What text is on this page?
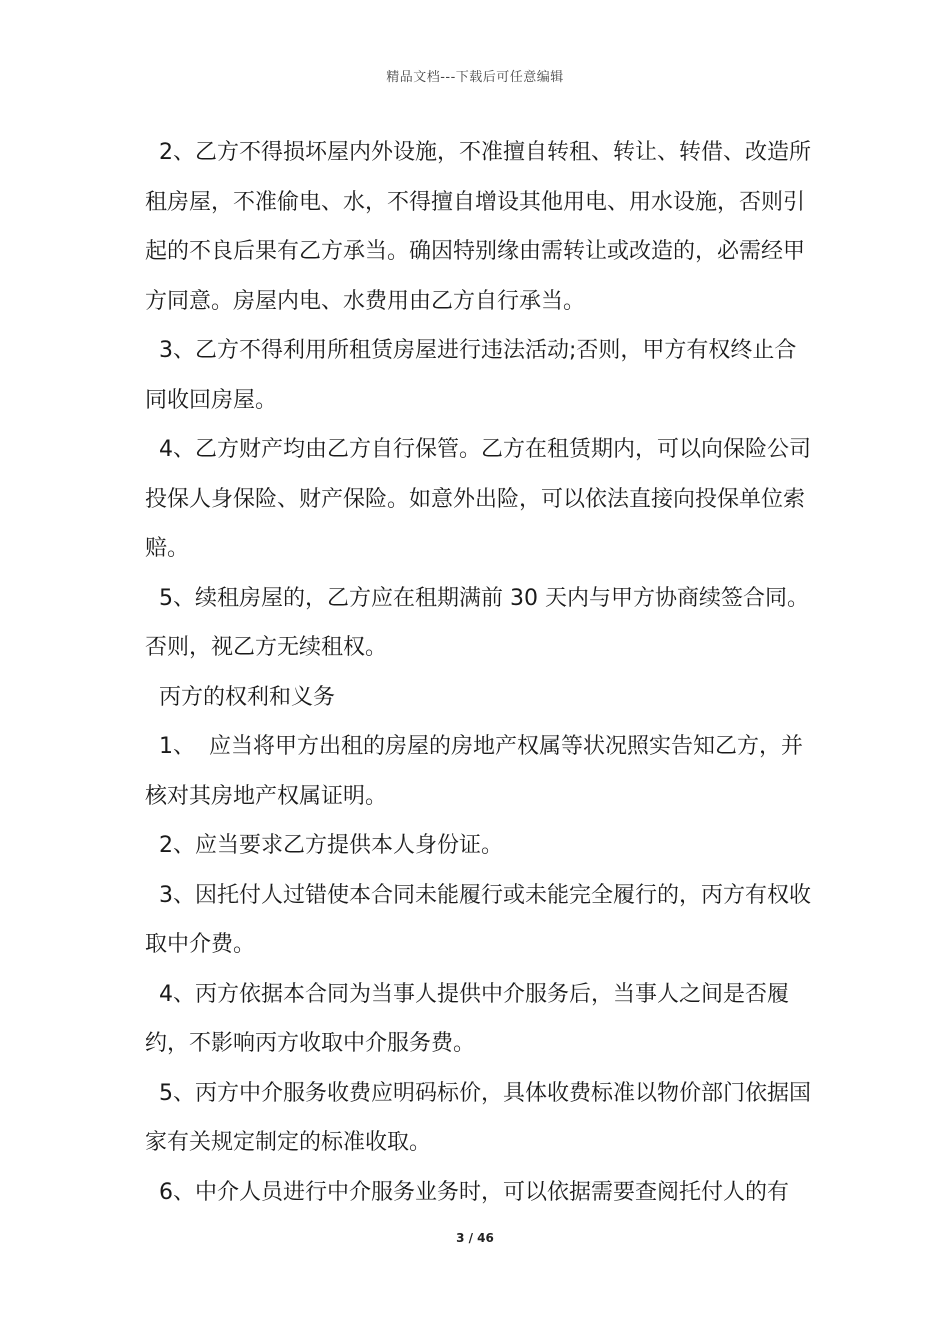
精品文档---下载后可任意编辑

2、乙方不得损坏屋内外设施，不准擅自转租、转让、转借、改造所租房屋，不准偷电、水，不得擅自增设其他用电、用水设施，否则引起的不良后果有乙方承当。确因特别缘由需转让或改造的，必需经甲方同意。房屋内电、水费用由乙方自行承当。

3、乙方不得利用所租赁房屋进行违法活动;否则，甲方有权终止合同收回房屋。

4、乙方财产均由乙方自行保管。乙方在租赁期内，可以向保险公司投保人身保险、财产保险。如意外出险，可以依法直接向投保单位索赔。

5、续租房屋的，乙方应在租期满前 30 天内与甲方协商续签合同。否则，视乙方无续租权。

丙方的权利和义务

1、  应当将甲方出租的房屋的房地产权属等状况照实告知乙方，并核对其房地产权属证明。

2、应当要求乙方提供本人身份证。

3、因托付人过错使本合同未能履行或未能完全履行的，丙方有权收取中介费。

4、丙方依据本合同为当事人提供中介服务后，当事人之间是否履约，不影响丙方收取中介服务费。

5、丙方中介服务收费应明码标价，具体收费标准以物价部门依据国家有关规定制定的标准收取。

6、中介人员进行中介服务业务时，可以依据需要查阅托付人的有

3 / 46
